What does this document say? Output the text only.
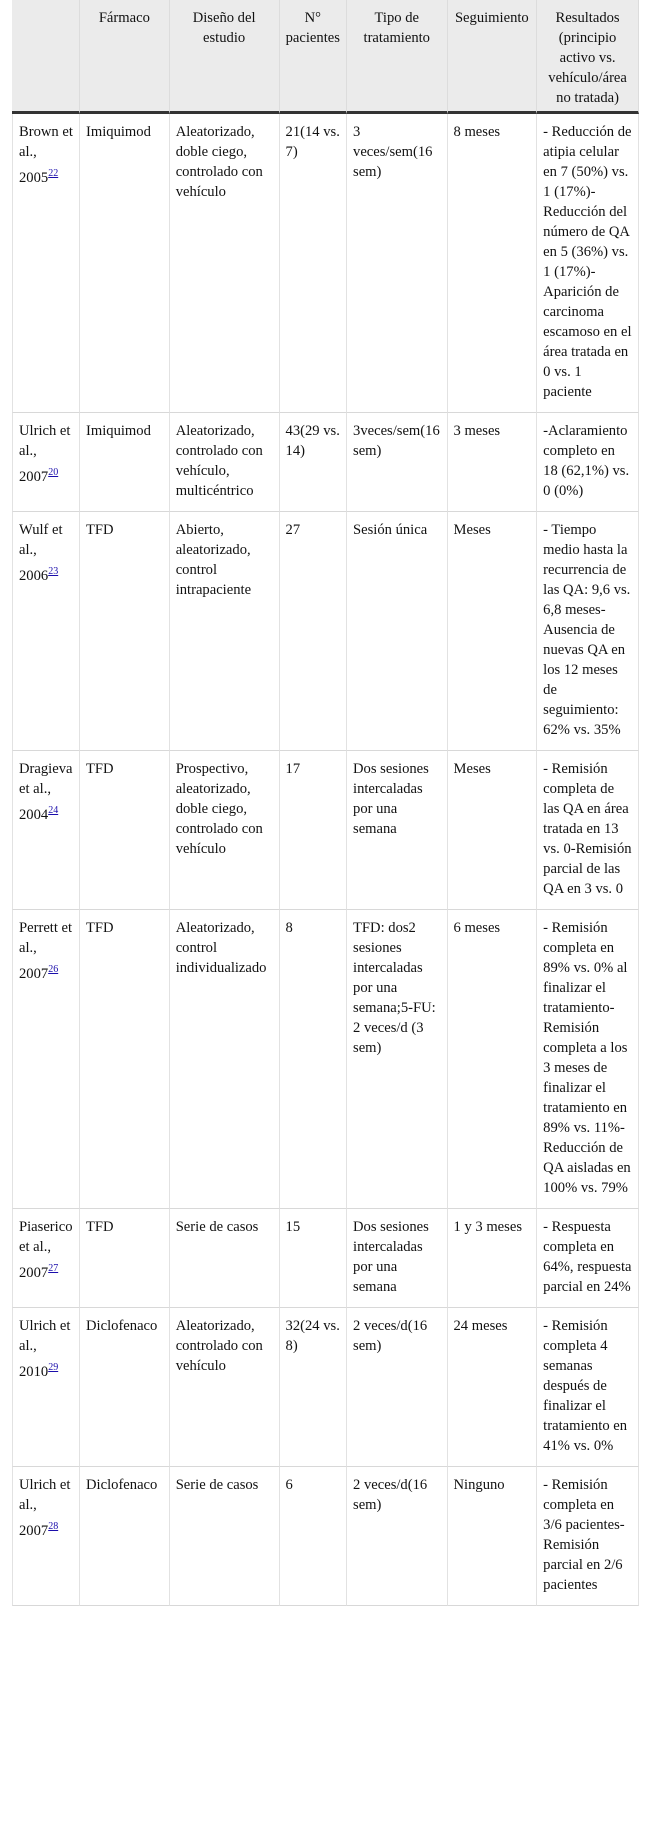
	Fármaco	Diseño del estudio	N° pacientes	Tipo de tratamiento	Seguimiento	Resultados (principio activo vs. vehículo/área no tratada)
Brown et al., 2005$^{22}$	Imiquimod	Aleatorizado, doble ciego, controlado con vehículo	21(14 vs. 7)	3 veces/sem(16 sem)	8 meses	- Reducción de atipia celular en 7 (50%) vs. 1 (17%)-Reducción del número de QA en 5 (36%) vs. 1 (17%)-Aparición de carcinoma escamoso en el área tratada en 0 vs. 1 paciente
Ulrich et al., 2007$^{20}$	Imiquimod	Aleatorizado, controlado con vehículo, multicéntrico	43(29 vs. 14)	3veces/sem(16 sem)	3 meses	-Aclaramiento completo en 18 (62,1%) vs. 0 (0%)
Wulf et al., 2006$^{23}$	TFD	Abierto, aleatorizado, control intrapaciente	27	Sesión única	Meses	- Tiempo medio hasta la recurrencia de las QA: 9,6 vs. 6,8 meses-Ausencia de nuevas QA en los 12 meses de seguimiento: 62% vs. 35%
Dragieva et al., 2004$^{24}$	TFD	Prospectivo, aleatorizado, doble ciego, controlado con vehículo	17	Dos sesiones intercaladas por una semana	Meses	- Remisión completa de las QA en área tratada en 13 vs. 0-Remisión parcial de las QA en 3 vs. 0
Perrett et al., 2007$^{26}$	TFD	Aleatorizado, control individualizado	8	TFD: dos2 sesiones intercaladas por una semana;5-FU: 2 veces/d (3 sem)	6 meses	- Remisión completa en 89% vs. 0% al finalizar el tratamiento-Remisión completa a los 3 meses de finalizar el tratamiento en 89% vs. 11%-Reducción de QA aisladas en 100% vs. 79%
Piaserico et al., 2007$^{27}$	TFD	Serie de casos	15	Dos sesiones intercaladas por una semana	1 y 3 meses	- Respuesta completa en 64%, respuesta parcial en 24%
Ulrich et al., 2010$^{29}$	Diclofenaco	Aleatorizado, controlado con vehículo	32(24 vs. 8)	2 veces/d(16 sem)	24 meses	- Remisión completa 4 semanas después de finalizar el tratamiento en 41% vs. 0%
Ulrich et al., 2007$^{28}$	Diclofenaco	Serie de casos	6	2 veces/d(16 sem)	Ninguno	- Remisión completa en 3/6 pacientes-Remisión parcial en 2/6 pacientes
